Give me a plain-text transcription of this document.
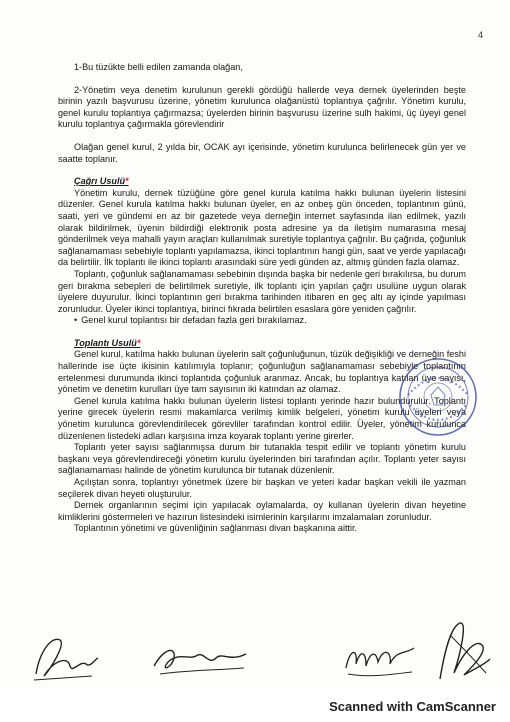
4

1-Bu tüzükte belli edilen zamanda olağan,

2-Yönetim veya denetim kurulunun gerekli gördüğü hallerde veya dernek üyelerinden beşte birinin yazılı başvurusu üzerine, yönetim kurulunca olağanüstü toplantıya çağrılır. Yönetim kurulu, genel kurulu toplantıya çağırmazsa; üyelerden birinin başvurusu üzerine sulh hakimi, üç üyeyi genel kurulu toplantıya çağırmakla görevlendirir

Olağan genel kurul, 2 yılda bir, OCAK ayı içerisinde, yönetim kurulunca belirlenecek gün yer ve saatte toplanır.

Çağrı Usulü*

Yönetim kurulu, dernek tüzüğüne göre genel kurula katılma hakkı bulunan üyelerin listesini düzenler. Genel kurula katılma hakkı bulunan üyeler, en az onbeş gün önceden, toplantının günü, saati, yeri ve gündemi en az bir gazetede veya derneğin internet sayfasında ilan edilmek, yazılı olarak bildirilmek, üyenin bildirdiği elektronik posta adresine ya da iletişim numarasına mesaj gönderilmek veya mahalli yayın araçları kullanılmak suretiyle toplantıya çağrılır. Bu çağrıda, çoğunluk sağlanamaması sebebiyle toplantı yapılamazsa, ikinci toplantının hangi gün, saat ve yerde yapılacağı da belirtilir. İlk toplantı ile ikinci toplantı arasındaki süre yedi günden az, altmış günden fazla olamaz.

Toplantı, çoğunluk sağlanamaması sebebinin dışında başka bir nedenle geri bırakılırsa, bu durum geri bırakma sebepleri de belirtilmek suretiyle, ilk toplantı için yapılan çağrı usulüne uygun olarak üyelere duyurulur. İkinci toplantının geri bırakma tarihinden itibaren en geç altı ay içinde yapılması zorunludur. Üyeler ikinci toplantıya, birinci fıkrada belirtilen esaslara göre yeniden çağrılır.

• Genel kurul toplantısı bir defadan fazla geri bırakılamaz.

Toplantı Usulü*

Genel kurul, katılma hakkı bulunan üyelerin salt çoğunluğunun, tüzük değişikliği ve derneğin feshi hallerinde ise üçte ikisinin katılımıyla toplanır; çoğunluğun sağlanamaması sebebiyle toplantının ertelenmesi durumunda ikinci toplantıda çoğunluk aranmaz. Ancak, bu toplantıya katılan üye sayısı, yönetim ve denetim kurulları üye tam sayısının iki katından az olamaz.

Genel kurula katılma hakkı bulunan üyelerin listesi toplantı yerinde hazır bulundurulur. Toplantı yerine girecek üyelerin resmi makamlarca verilmiş kimlik belgeleri, yönetim kurulu üyeleri veya yönetim kurulunca görevlendirilecek görevliler tarafından kontrol edilir. Üyeler, yönetim kurulunca düzenlenen listedeki adları karşısına imza koyarak toplantı yerine girerler.

Toplantı yeter sayısı sağlanmışsa durum bir tutanakla tespit edilir ve toplantı yönetim kurulu başkanı veya görevlendireceği yönetim kurulu üyelerinden biri tarafından açılır. Toplantı yeter sayısı sağlanamaması halinde de yönetim kurulunca bir tutanak düzenlenir.

Açılıştan sonra, toplantıyı yönetmek üzere bir başkan ve yeteri kadar başkan vekili ile yazman seçilerek divan heyeti oluşturulur.

Dernek organlarının seçimi için yapılacak oylamalarda, oy kullanan üyelerin divan heyetine kimliklerini göstermeleri ve hazırun listesindeki isimlerinin karşılarını imzalamaları zorunludur.

Toplantının yönetimi ve güvenliğinin sağlanması divan başkanına aittir.

Scanned with CamScanner
